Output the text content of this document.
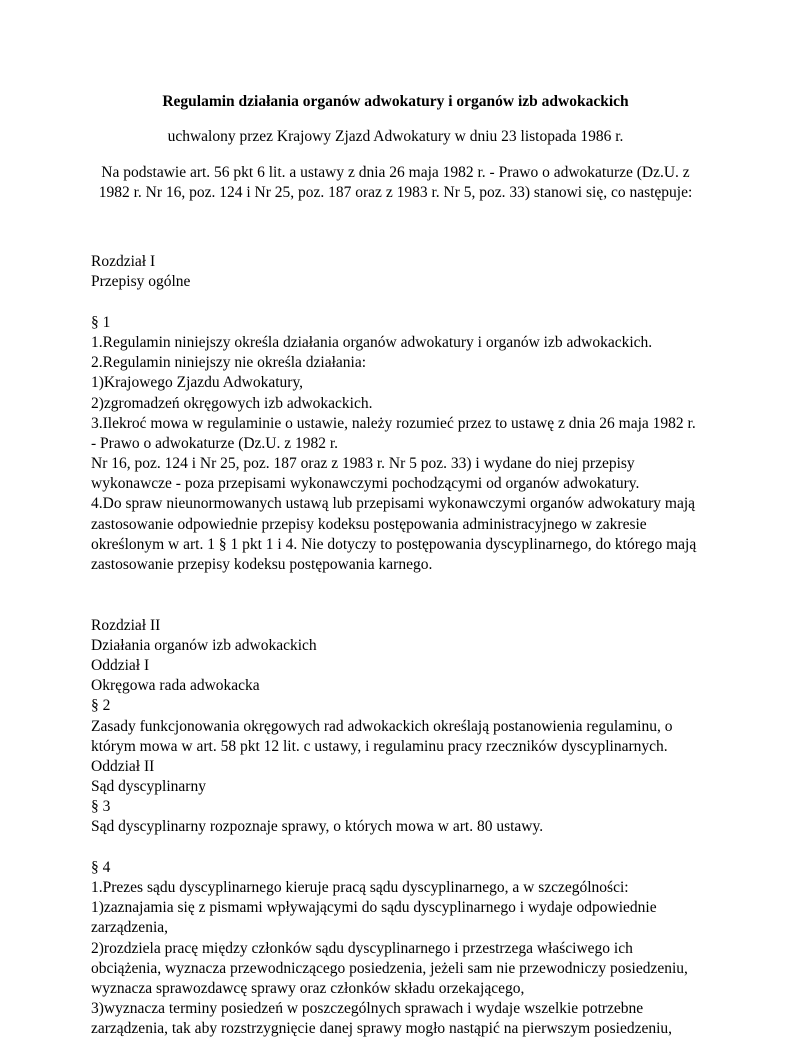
Regulamin działania organów adwokatury i organów izb adwokackich
uchwalony przez Krajowy Zjazd Adwokatury w dniu 23 listopada 1986 r.
Na podstawie art. 56 pkt 6 lit. a ustawy z dnia 26 maja 1982 r. - Prawo o adwokaturze (Dz.U. z
1982 r. Nr 16, poz. 124 i Nr 25, poz. 187 oraz z 1983 r. Nr 5, poz. 33) stanowi się, co następuje:
Rozdział I
Przepisy ogólne
§ 1
1.Regulamin niniejszy określa działania organów adwokatury i organów izb adwokackich.
2.Regulamin niniejszy nie określa działania:
1)Krajowego Zjazdu Adwokatury,
2)zgromadzeń okręgowych izb adwokackich.
3.Ilekroć mowa w regulaminie o ustawie, należy rozumieć przez to ustawę z dnia 26 maja 1982 r.
- Prawo o adwokaturze (Dz.U. z 1982 r.
Nr 16, poz. 124 i Nr 25, poz. 187 oraz z 1983 r. Nr 5 poz. 33) i wydane do niej przepisy
wykonawcze - poza przepisami wykonawczymi pochodzącymi od organów adwokatury.
4.Do spraw nieunormowanych ustawą lub przepisami wykonawczymi organów adwokatury mają
zastosowanie odpowiednie przepisy kodeksu postępowania administracyjnego w zakresie
określonym w art. 1 § 1 pkt 1 i 4. Nie dotyczy to postępowania dyscyplinarnego, do którego mają
zastosowanie przepisy kodeksu postępowania karnego.
Rozdział II
Działania organów izb adwokackich
Oddział I
Okręgowa rada adwokacka
§ 2
Zasady funkcjonowania okręgowych rad adwokackich określają postanowienia regulaminu, o
którym mowa w art. 58 pkt 12 lit. c ustawy, i regulaminu pracy rzeczników dyscyplinarnych.
Oddział II
Sąd dyscyplinarny
§ 3
Sąd dyscyplinarny rozpoznaje sprawy, o których mowa w art. 80 ustawy.
§ 4
1.Prezes sądu dyscyplinarnego kieruje pracą sądu dyscyplinarnego, a w szczególności:
1)zaznajamia się z pismami wpływającymi do sądu dyscyplinarnego i wydaje odpowiednie
zarządzenia,
2)rozdziela pracę między członków sądu dyscyplinarnego i przestrzega właściwego ich
obciążenia, wyznacza przewodniczącego posiedzenia, jeżeli sam nie przewodniczy posiedzeniu,
wyznacza sprawozdawcę sprawy oraz członków składu orzekającego,
3)wyznacza terminy posiedzeń w poszczególnych sprawach i wydaje wszelkie potrzebne
zarządzenia, tak aby rozstrzygnięcie danej sprawy mogło nastąpić na pierwszym posiedzeniu,
